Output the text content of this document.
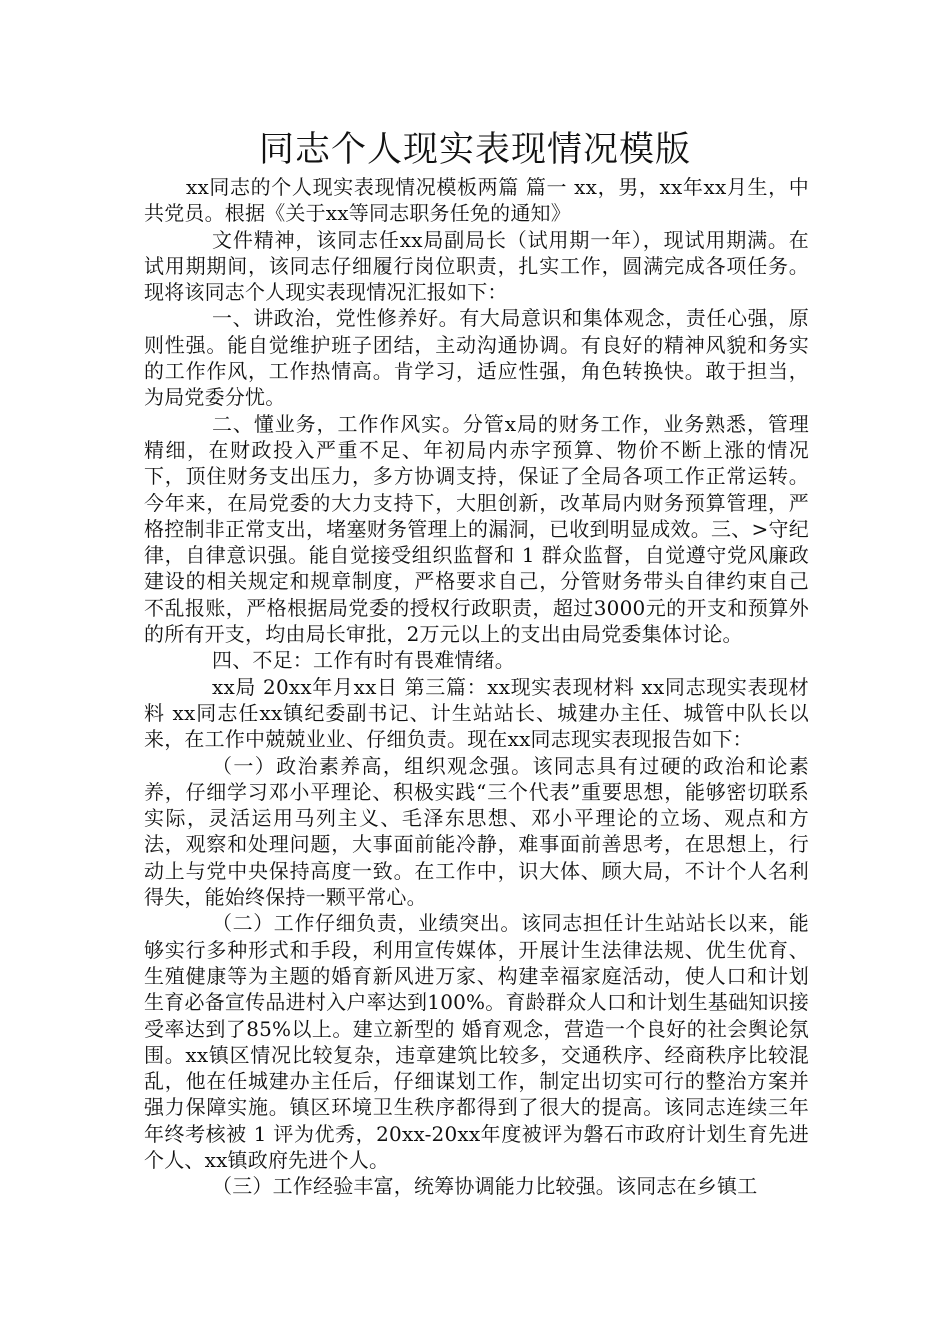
同志个人现实表现情况模版

xx同志的个人现实表现情况模板两篇 篇一 xx，男，xx年xx月生，中共党员。根据《关于xx等同志职务任免的通知》

文件精神，该同志任xx局副局长（试用期一年），现试用期满。在试用期期间，该同志仔细履行岗位职责，扎实工作，圆满完成各项任务。现将该同志个人现实表现情况汇报如下：

一、讲政治，党性修养好。有大局意识和集体观念，责任心强，原则性强。能自觉维护班子团结，主动沟通协调。有良好的精神风貌和务实的工作作风，工作热情高。肯学习，适应性强，角色转换快。敢于担当，为局党委分忧。

二、懂业务，工作作风实。分管x局的财务工作，业务熟悉，管理精细，在财政投入严重不足、年初局内赤字预算、物价不断上涨的情况下，顶住财务支出压力，多方协调支持，保证了全局各项工作正常运转。今年来，在局党委的大力支持下，大胆创新，改革局内财务预算管理，严格控制非正常支出，堵塞财务管理上的漏洞，已收到明显成效。三、>守纪律，自律意识强。能自觉接受组织监督和 1 群众监督，自觉遵守党风廉政建设的相关规定和规章制度，严格要求自己，分管财务带头自律约束自己不乱报账，严格根据局党委的授权行政职责，超过3000元的开支和预算外的所有开支，均由局长审批，2万元以上的支出由局党委集体讨论。

四、不足：工作有时有畏难情绪。

xx局 20xx年月xx日 第三篇：xx现实表现材料 xx同志现实表现材料 xx同志任xx镇纪委副书记、计生站站长、城建办主任、城管中队长以来，在工作中兢兢业业、仔细负责。现在xx同志现实表现报告如下：

（一）政治素养高，组织观念强。该同志具有过硬的政治和论素养，仔细学习邓小平理论、积极实践“三个代表”重要思想，能够密切联系实际，灵活运用马列主义、毛泽东思想、邓小平理论的立场、观点和方法，观察和处理问题，大事面前能冷静，难事面前善思考，在思想上，行动上与党中央保持高度一致。在工作中，识大体、顾大局，不计个人名利得失，能始终保持一颗平常心。

（二）工作仔细负责，业绩突出。该同志担任计生站站长以来，能够实行多种形式和手段，利用宣传媒体，开展计生法律法规、优生优育、生殖健康等为主题的婚育新风进万家、构建幸福家庭活动，使人口和计划生育必备宣传品进村入户率达到100%。育龄群众人口和计划生基础知识接受率达到了85%以上。建立新型的 婚育观念，营造一个良好的社会舆论氛围。xx镇区情况比较复杂，违章建筑比较多，交通秩序、经商秩序比较混乱，他在任城建办主任后，仔细谋划工作，制定出切实可行的整治方案并强力保障实施。镇区环境卫生秩序都得到了很大的提高。该同志连续三年年终考核被 1 评为优秀，20xx-20xx年度被评为磐石市政府计划生育先进个人、xx镇政府先进个人。

（三）工作经验丰富，统筹协调能力比较强。该同志在乡镇工
